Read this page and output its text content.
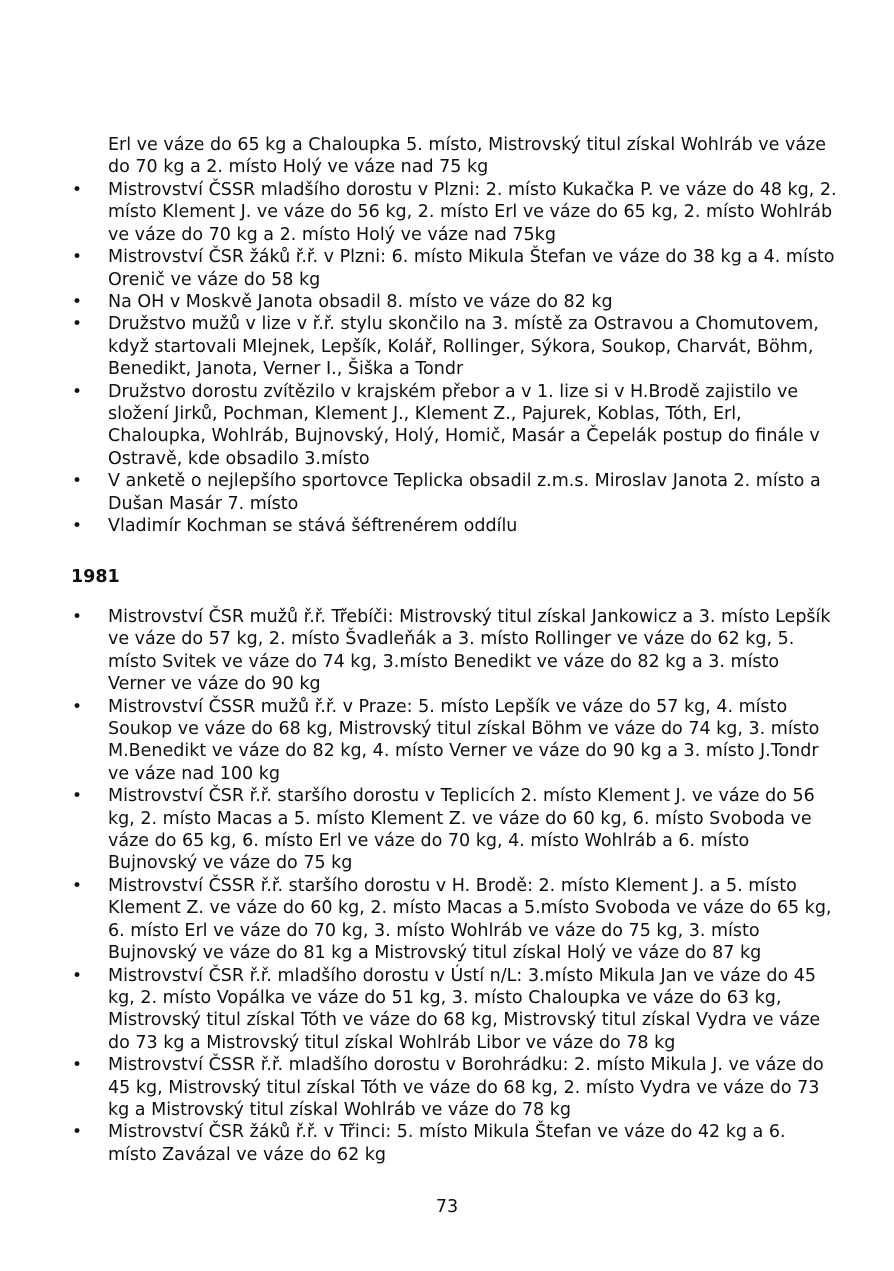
Erl ve váze do 65 kg a Chaloupka 5. místo, Mistrovský titul získal Wohlráb ve váze do 70 kg a 2. místo Holý ve váze nad 75 kg

• Mistrovství ČSSR mladšího dorostu v Plzni: 2. místo Kukačka P. ve váze do 48 kg, 2. místo Klement J. ve váze do 56 kg, 2. místo Erl ve váze do 65 kg, 2. místo Wohlráb ve váze do 70 kg a 2. místo Holý ve váze nad 75kg
• Mistrovství ČSR žáků ř.ř. v Plzni: 6. místo Mikula Štefan ve váze do 38 kg a 4. místo Orenič ve váze do 58 kg
• Na OH v Moskvě Janota obsadil 8. místo ve váze do 82 kg
• Družstvo mužů v lize v ř.ř. stylu skončilo na 3. místě za Ostravou a Chomutovem, když startovali Mlejnek, Lepšík, Kolář, Rollinger, Sýkora, Soukop, Charvát, Böhm, Benedikt, Janota, Verner I., Šiška a Tondr
• Družstvo dorostu zvítězilo v krajském přebor a v 1. lize si v H.Brodě zajistilo ve složení Jirků, Pochman, Klement J., Klement Z., Pajurek, Koblas, Tóth, Erl, Chaloupka, Wohlráb, Bujnovský, Holý, Homič, Masár a Čepelák postup do finále v Ostravě, kde obsadilo 3.místo
• V anketě o nejlepšího sportovce Teplicka obsadil z.m.s. Miroslav Janota 2. místo a Dušan Masár 7. místo
• Vladimír Kochman se stává šéftrenérem oddílu
1981
• Mistrovství ČSR mužů ř.ř. Třebíči: Mistrovský titul získal Jankowicz a 3. místo Lepšík ve váze do 57 kg, 2. místo Švadleňák a 3. místo Rollinger ve váze do 62 kg, 5. místo Svitek ve váze do 74 kg, 3.místo Benedikt ve váze do 82 kg a 3. místo Verner ve váze do 90 kg
• Mistrovství ČSSR mužů ř.ř. v Praze: 5. místo Lepšík ve váze do 57 kg, 4. místo Soukop ve váze do 68 kg, Mistrovský titul získal Böhm ve váze do 74 kg, 3. místo M.Benedikt ve váze do 82 kg, 4. místo Verner ve váze do 90 kg a 3. místo J.Tondr ve váze nad 100 kg
• Mistrovství ČSR ř.ř. staršího dorostu v Teplicích 2. místo Klement J. ve váze do 56 kg, 2. místo Macas a 5. místo Klement Z. ve váze do 60 kg, 6. místo Svoboda ve váze do 65 kg, 6. místo Erl ve váze do 70 kg, 4. místo Wohlráb a 6. místo Bujnovský ve váze do 75 kg
• Mistrovství ČSSR ř.ř. staršího dorostu v H. Brodě: 2. místo Klement J. a 5. místo Klement Z. ve váze do 60 kg, 2. místo Macas a 5.místo Svoboda ve váze do 65 kg, 6. místo Erl ve váze do 70 kg, 3. místo Wohlráb ve váze do 75 kg, 3. místo Bujnovský ve váze do 81 kg a Mistrovský titul získal Holý ve váze do 87 kg
• Mistrovství ČSR ř.ř. mladšího dorostu v Ústí n/L: 3.místo Mikula Jan ve váze do 45 kg, 2. místo Vopálka ve váze do 51 kg, 3. místo Chaloupka ve váze do 63 kg, Mistrovský titul získal Tóth ve váze do 68 kg, Mistrovský titul získal Vydra ve váze do 73 kg a Mistrovský titul získal Wohlráb Libor ve váze do 78 kg
• Mistrovství ČSSR ř.ř. mladšího dorostu v Borohrádku: 2. místo Mikula J. ve váze do 45 kg, Mistrovský titul získal Tóth ve váze do 68 kg, 2. místo Vydra ve váze do 73 kg a Mistrovský titul získal Wohlráb ve váze do 78 kg
• Mistrovství ČSR žáků ř.ř. v Třinci: 5. místo Mikula Štefan ve váze do 42 kg a 6. místo Zavázal ve váze do 62 kg
73
